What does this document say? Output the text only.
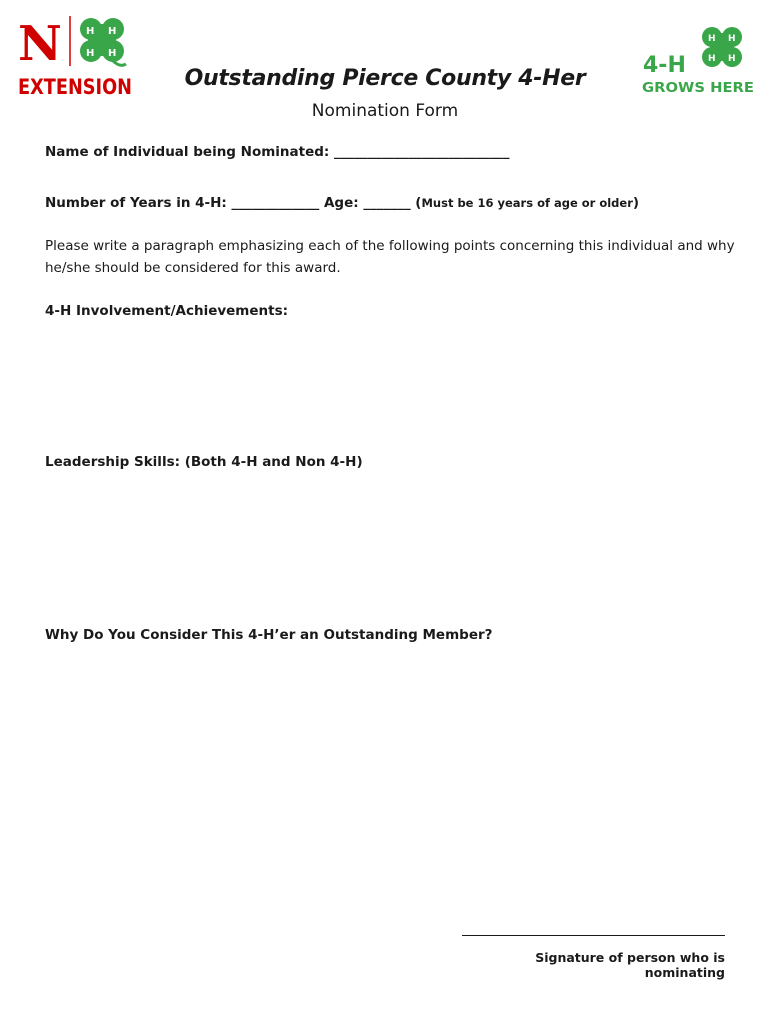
N H H
H H
EXTENSION
H H
H H
4-H
GROWS HERE
Outstanding Pierce County 4-Her
Nomination Form
Name of Individual being Nominated: __________________________
Number of Years in 4-H: _____________ Age: _______ (Must be 16 years of age or older)
Please write a paragraph emphasizing each of the following points concerning this individual and why he/she should be considered for this award.
4-H Involvement/Achievements:
Leadership Skills: (Both 4-H and Non 4-H)
Why Do You Consider This 4-H’er an Outstanding Member?
Signature of person who is nominating
